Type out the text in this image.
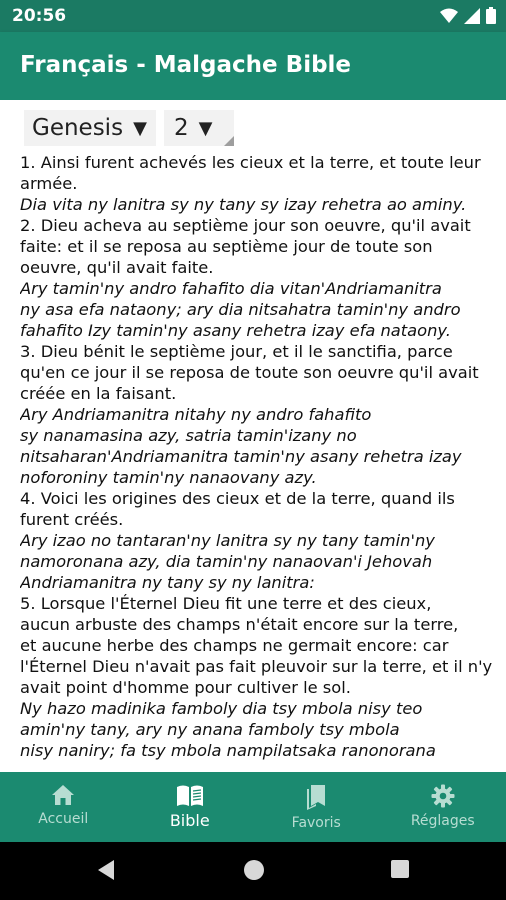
20:56
Français - Malgache Bible
Genesis ▼ 2 ▼
1. Ainsi furent achevés les cieux et la terre, et toute leur
armée.
Dia vita ny lanitra sy ny tany sy izay rehetra ao aminy.
2. Dieu acheva au septième jour son oeuvre, qu'il avait
faite: et il se reposa au septième jour de toute son
oeuvre, qu'il avait faite.
Ary tamin'ny andro fahafito dia vitan'Andriamanitra
ny asa efa nataony; ary dia nitsahatra tamin'ny andro
fahafito Izy tamin'ny asany rehetra izay efa nataony.
3. Dieu bénit le septième jour, et il le sanctifia, parce
qu'en ce jour il se reposa de toute son oeuvre qu'il avait
créée en la faisant.
Ary Andriamanitra nitahy ny andro fahafito
sy nanamasina azy, satria tamin'izany no
nitsaharan'Andriamanitra tamin'ny asany rehetra izay
noforoniny tamin'ny nanaovany azy.
4. Voici les origines des cieux et de la terre, quand ils
furent créés.
Ary izao no tantaran'ny lanitra sy ny tany tamin'ny
namoronana azy, dia tamin'ny nanaovan'i Jehovah
Andriamanitra ny tany sy ny lanitra:
5. Lorsque l'Éternel Dieu fit une terre et des cieux,
aucun arbuste des champs n'était encore sur la terre,
et aucune herbe des champs ne germait encore: car
l'Éternel Dieu n'avait pas fait pleuvoir sur la terre, et il n'y
avait point d'homme pour cultiver le sol.
Ny hazo madinika famboly dia tsy mbola nisy teo
amin'ny tany, ary ny anana famboly tsy mbola
nisy naniry; fa tsy mbola nampilatsaka ranonorana
Accueil	Bible	Favoris	Réglages
